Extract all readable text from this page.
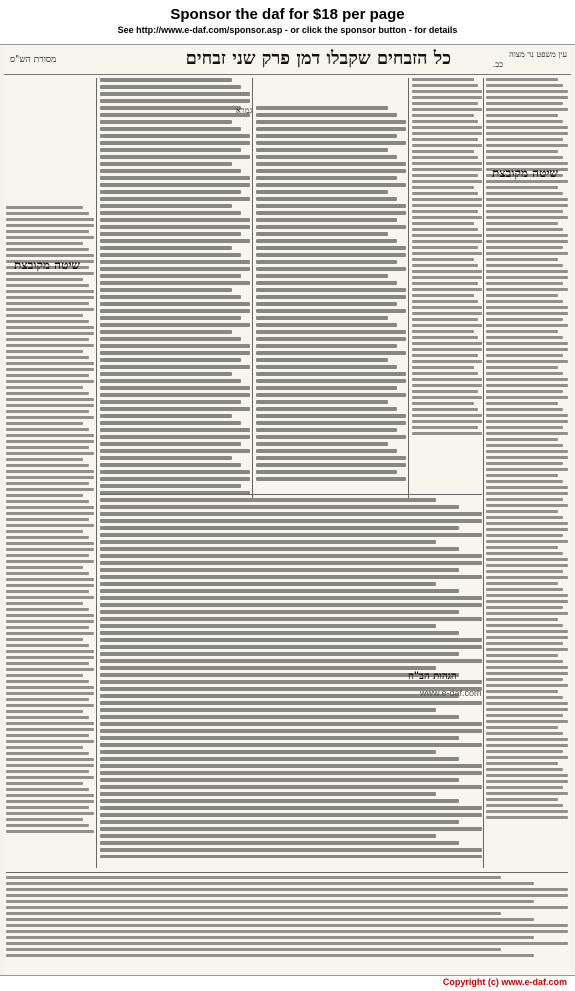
Sponsor the daf for $18 per page
See http://www.e-daf.com/sponsor.asp - or click the sponsor button - for details
עין משפט נר מצוה
כל הזבחים שקבלו דמן פרק שני זבחים	כב.
מסורת הש"ס
שיטה מקובצת
גמרא
שיטה מקובצת
הגהות הב"ח
www.e-daf.com
Copyright (c) www.e-daf.com
